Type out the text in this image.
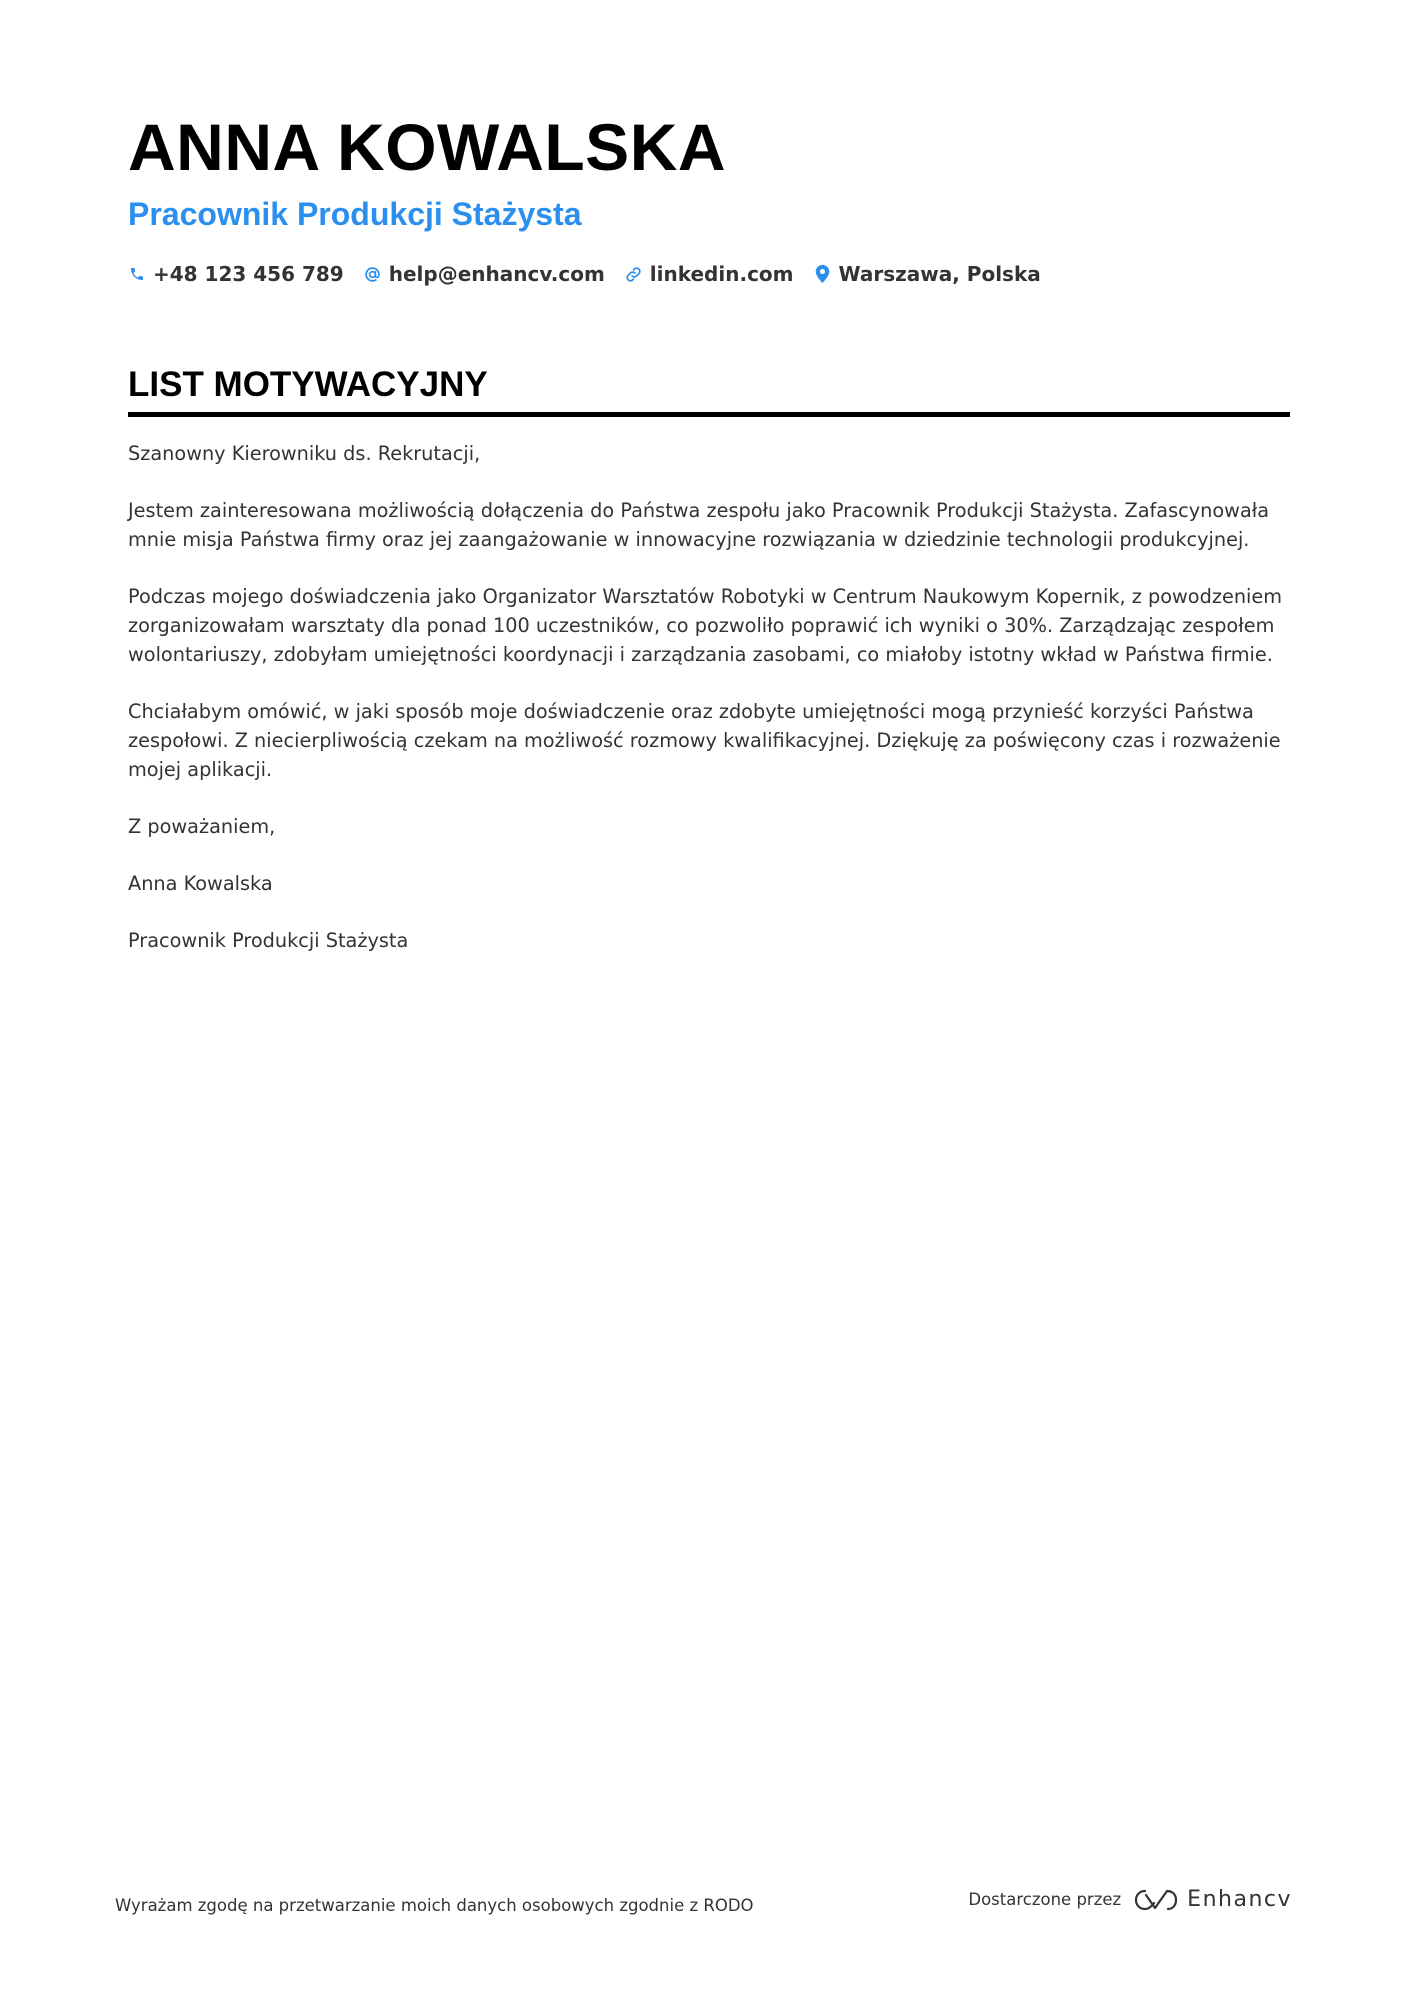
ANNA KOWALSKA
Pracownik Produkcji Stażysta
+48 123 456 789 help@enhancv.com linkedin.com Warszawa, Polska
LIST MOTYWACYJNY

Szanowny Kierowniku ds. Rekrutacji,

Jestem zainteresowana możliwością dołączenia do Państwa zespołu jako Pracownik Produkcji Stażysta. Zafascynowała mnie misja Państwa firmy oraz jej zaangażowanie w innowacyjne rozwiązania w dziedzinie technologii produkcyjnej.

Podczas mojego doświadczenia jako Organizator Warsztatów Robotyki w Centrum Naukowym Kopernik, z powodzeniem zorganizowałam warsztaty dla ponad 100 uczestników, co pozwoliło poprawić ich wyniki o 30%. Zarządzając zespołem wolontariuszy, zdobyłam umiejętności koordynacji i zarządzania zasobami, co miałoby istotny wkład w Państwa firmie.

Chciałabym omówić, w jaki sposób moje doświadczenie oraz zdobyte umiejętności mogą przynieść korzyści Państwa zespołowi. Z niecierpliwością czekam na możliwość rozmowy kwalifikacyjnej. Dziękuję za poświęcony czas i rozważenie mojej aplikacji.

Z poważaniem,

Anna Kowalska

Pracownik Produkcji Stażysta

Wyrażam zgodę na przetwarzanie moich danych osobowych zgodnie z RODO	Dostarczone przez	Enhancv
